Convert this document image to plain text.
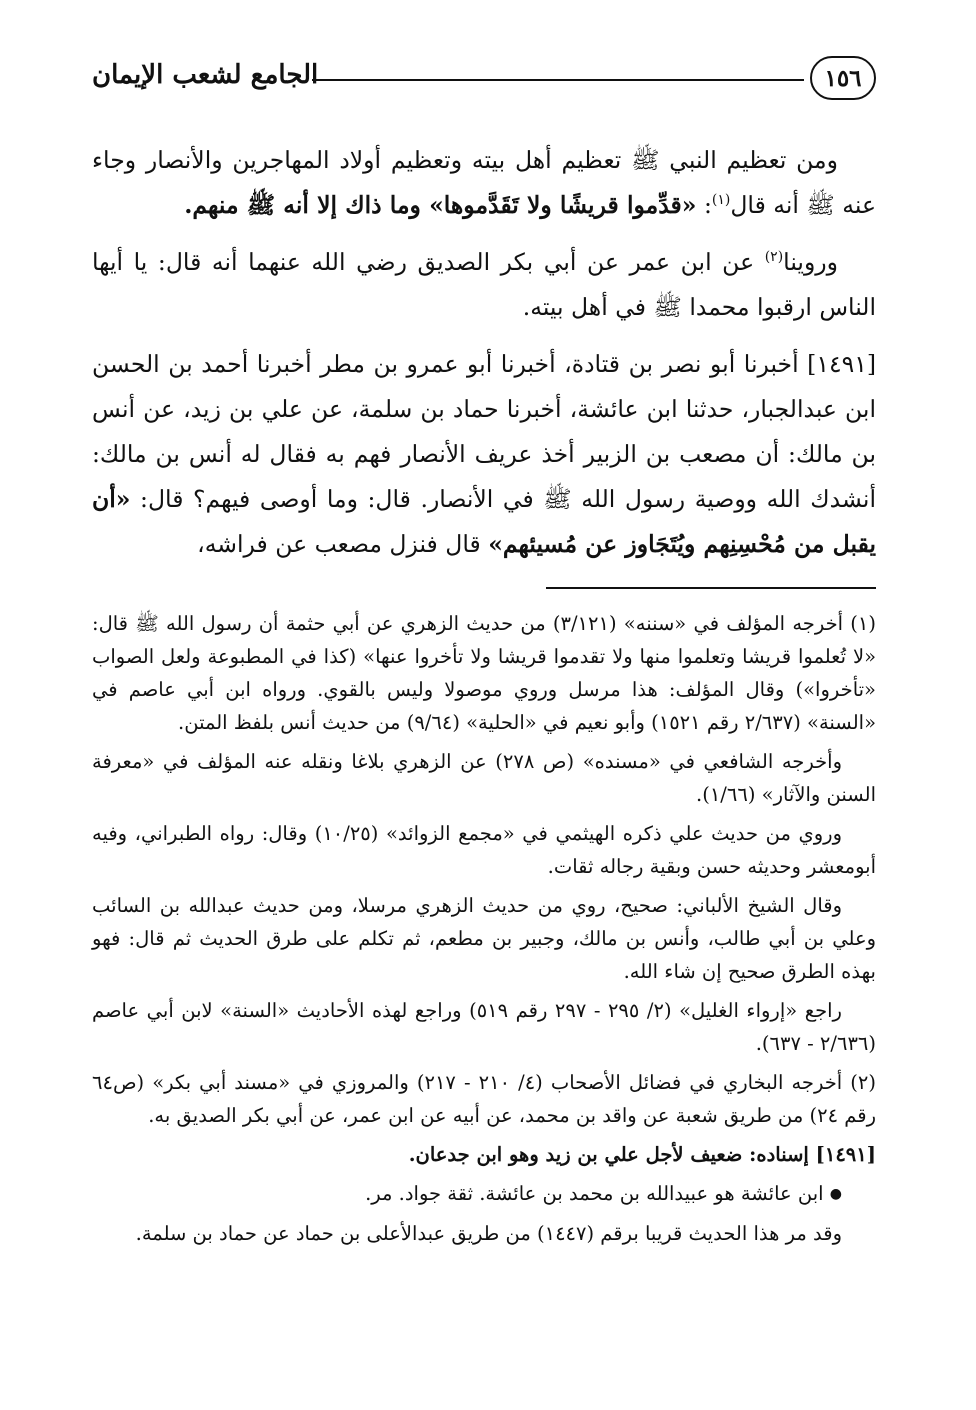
١٥٦
الجامع لشعب الإيمان

ومن تعظيم النبي ﷺ تعظيم أهل بيته وتعظيم أولاد المهاجرين والأنصار وجاء عنه ﷺ أنه قال$^{(١)}$: «قدِّموا قريشًا ولا تَقَدَّموها» وما ذاك إلا أنه ﷺ منهم.

وروينا$^{(٢)}$ عن ابن عمر عن أبي بكر الصديق رضي الله عنهما أنه قال: يا أيها الناس ارقبوا محمدا ﷺ في أهل بيته.

[١٤٩١] أخبرنا أبو نصر بن قتادة، أخبرنا أبو عمرو بن مطر أخبرنا أحمد بن الحسن ابن عبدالجبار، حدثنا ابن عائشة، أخبرنا حماد بن سلمة، عن علي بن زيد، عن أنس بن مالك: أن مصعب بن الزبير أخذ عريف الأنصار فهم به فقال له أنس بن مالك: أنشدك الله ووصية رسول الله ﷺ في الأنصار. قال: وما أوصى فيهم؟ قال: «أن يقبل من مُحْسِنِهم ويُتَجَاوز عن مُسيئهم» قال فنزل مصعب عن فراشه،

(١) أخرجه المؤلف في «سننه» (٣/١٢١) من حديث الزهري عن أبي حثمة أن رسول الله ﷺ قال: «لا تُعلموا قريشا وتعلموا منها ولا تقدموا قريشا ولا تأخروا عنها» (كذا في المطبوعة ولعل الصواب «تأخروا») وقال المؤلف: هذا مرسل وروي موصولا وليس بالقوي. ورواه ابن أبي عاصم في «السنة» (٢/٦٣٧ رقم ١٥٢١) وأبو نعيم في «الحلية» (٩/٦٤) من حديث أنس بلفظ المتن.

وأخرجه الشافعي في «مسنده» (ص ٢٧٨) عن الزهري بلاغا ونقله عنه المؤلف في «معرفة السنن والآثار» (١/٦٦).

وروي من حديث علي ذكره الهيثمي في «مجمع الزوائد» (١٠/٢٥) وقال: رواه الطبراني، وفيه أبومعشر وحديثه حسن وبقية رجاله ثقات.

وقال الشيخ الألباني: صحيح، روي من حديث الزهري مرسلا، ومن حديث عبدالله بن السائب وعلي بن أبي طالب، وأنس بن مالك، وجبير بن مطعم، ثم تكلم على طرق الحديث ثم قال: فهو بهذه الطرق صحيح إن شاء الله.

راجع «إرواء الغليل» (٢/ ٢٩٥ - ٢٩٧ رقم ٥١٩) وراجع لهذه الأحاديث «السنة» لابن أبي عاصم (٢/٦٣٦ - ٦٣٧).

(٢) أخرجه البخاري في فضائل الأصحاب (٤/ ٢١٠ - ٢١٧) والمروزي في «مسند أبي بكر» (ص٦٤ رقم ٢٤) من طريق شعبة عن واقد بن محمد، عن أبيه عن ابن عمر، عن أبي بكر الصديق به.

[١٤٩١] إسناده: ضعيف لأجل علي بن زيد وهو ابن جدعان.

● ابن عائشة هو عبيدالله بن محمد بن عائشة. ثقة جواد. مر.

وقد مر هذا الحديث قريبا برقم (١٤٤٧) من طريق عبدالأعلى بن حماد عن حماد بن سلمة.
